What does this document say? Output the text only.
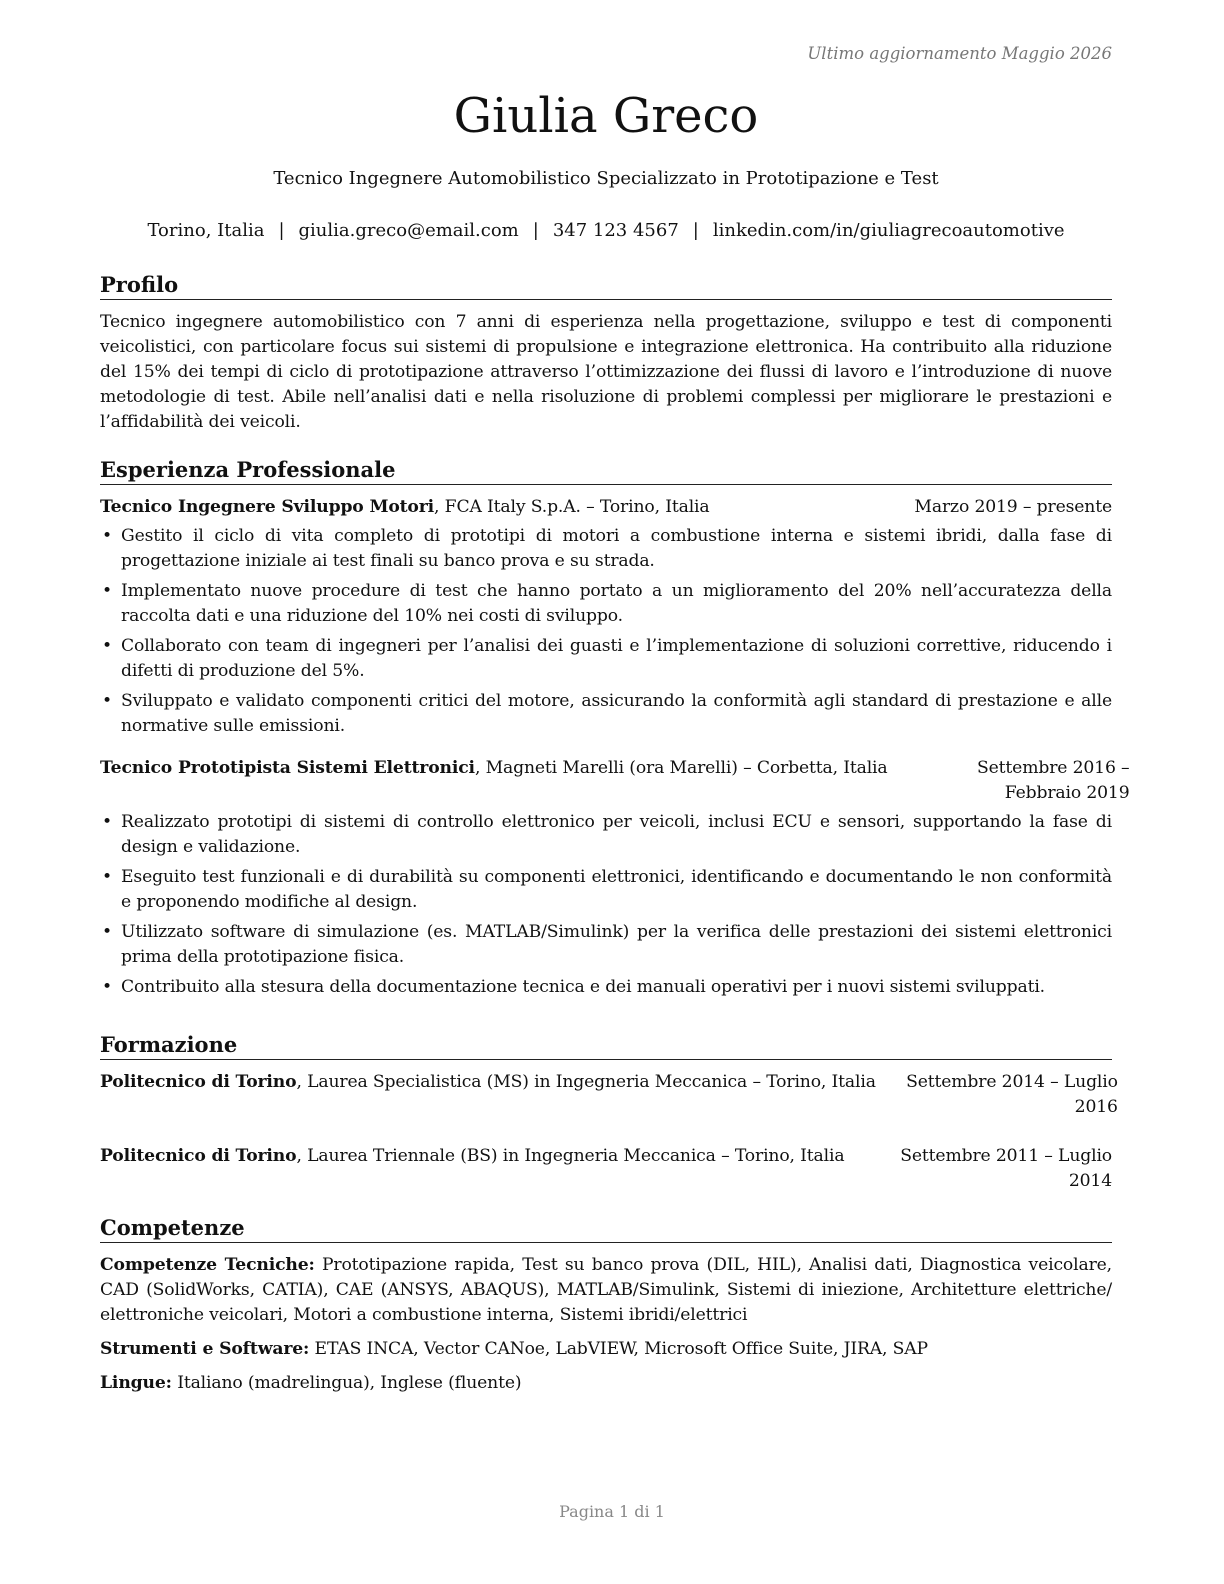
Ultimo aggiornamento Maggio 2026
Giulia Greco
Tecnico Ingegnere Automobilistico Specializzato in Prototipazione e Test
Torino, Italia | giulia.greco@email.com | 347 123 4567 | linkedin.com/in/giuliagrecoautomotive
Profilo

Tecnico ingegnere automobilistico con 7 anni di esperienza nella progettazione, sviluppo e test di componenti veicolistici, con particolare focus sui sistemi di propulsione e integrazione elettronica. Ha contribuito alla riduzione del 15% dei tempi di ciclo di prototipazione attraverso l’ottimizzazione dei flussi di lavoro e l’introduzione di nuove metodologie di test. Abile nell’analisi dati e nella risoluzione di problemi complessi per migliorare le prestazioni e l’affidabilità dei veicoli.

Esperienza Professionale
Tecnico Ingegnere Sviluppo Motori, FCA Italy S.p.A. – Torino, Italia	Marzo 2019 – presente
• Gestito il ciclo di vita completo di prototipi di motori a combustione interna e sistemi ibridi, dalla fase di progettazione iniziale ai test finali su banco prova e su strada.
• Implementato nuove procedure di test che hanno portato a un miglioramento del 20% nell’accuratezza della raccolta dati e una riduzione del 10% nei costi di sviluppo.
• Collaborato con team di ingegneri per l’analisi dei guasti e l’implementazione di soluzioni correttive, riducendo i difetti di produzione del 5%.
• Sviluppato e validato componenti critici del motore, assicurando la conformità agli standard di prestazione e alle normative sulle emissioni.
Tecnico Prototipista Sistemi Elettronici, Magneti Marelli (ora Marelli) – Corbetta, Italia	Settembre 2016 – Febbraio 2019
• Realizzato prototipi di sistemi di controllo elettronico per veicoli, inclusi ECU e sensori, supportando la fase di design e validazione.
• Eseguito test funzionali e di durabilità su componenti elettronici, identificando e documentando le non conformità e proponendo modifiche al design.
• Utilizzato software di simulazione (es. MATLAB/Simulink) per la verifica delle prestazioni dei sistemi elettronici prima della prototipazione fisica.
• Contribuito alla stesura della documentazione tecnica e dei manuali operativi per i nuovi sistemi sviluppati.
Formazione
Politecnico di Torino, Laurea Specialistica (MS) in Ingegneria Meccanica – Torino, Italia	Settembre 2014 – Luglio 2016
Politecnico di Torino, Laurea Triennale (BS) in Ingegneria Meccanica – Torino, Italia	Settembre 2011 – Luglio 2014
Competenze

Competenze Tecniche: Prototipazione rapida, Test su banco prova (DIL, HIL), Analisi dati, Diagnostica veicolare, CAD (SolidWorks, CATIA), CAE (ANSYS, ABAQUS), MATLAB/Simulink, Sistemi di iniezione, Architetture elettriche/ elettroniche veicolari, Motori a combustione interna, Sistemi ibridi/elettrici

Strumenti e Software: ETAS INCA, Vector CANoe, LabVIEW, Microsoft Office Suite, JIRA, SAP

Lingue: Italiano (madrelingua), Inglese (fluente)

Pagina 1 di 1
